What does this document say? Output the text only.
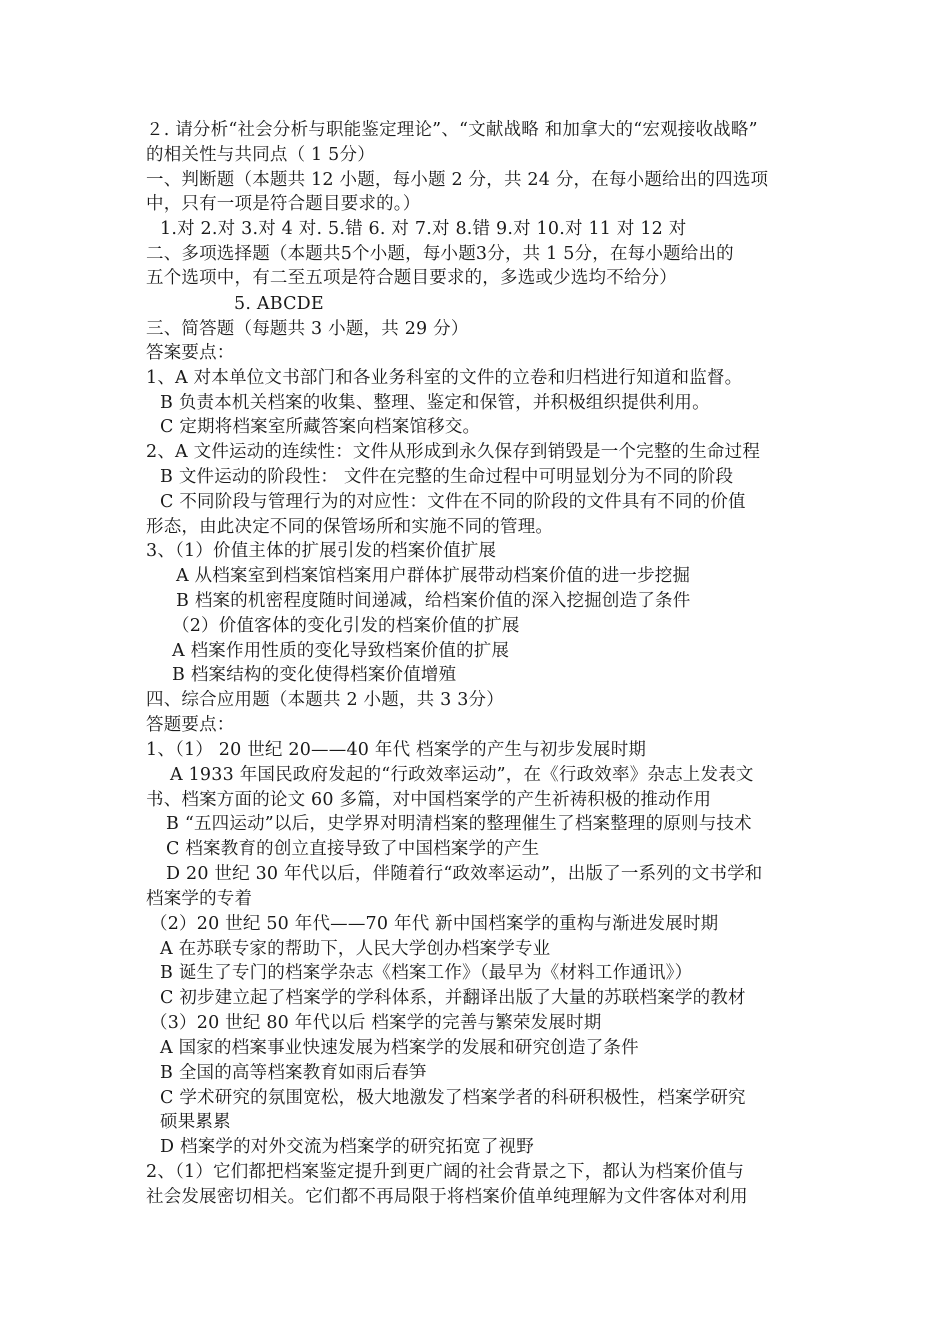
２. 请分析“社会分析与职能鉴定理论”、“文献战略 和加拿大的“宏观接收战略”
的相关性与共同点（ 1 5分）
一、判断题（本题共 12 小题，每小题 2 分，共 24 分，在每小题给出的四选项
中，只有一项是符合题目要求的。）
1.对 2.对 3.对 4 对. 5.错 6. 对 7.对 8.错 9.对 10.对 11 对 12 对
二、多项选择题（本题共5个小题，每小题3分，共 1 5分，在每小题给出的
五个选项中，有二至五项是符合题目要求的，多选或少选均不给分）
5. ABCDE
三、简答题（每题共 3 小题，共 29 分）
答案要点：
1、A 对本单位文书部门和各业务科室的文件的立卷和归档进行知道和监督。
B 负责本机关档案的收集、整理、鉴定和保管，并积极组织提供利用。
C 定期将档案室所藏答案向档案馆移交。
2、A 文件运动的连续性：文件从形成到永久保存到销毁是一个完整的生命过程
B 文件运动的阶段性： 文件在完整的生命过程中可明显划分为不同的阶段
C 不同阶段与管理行为的对应性：文件在不同的阶段的文件具有不同的价值
形态，由此决定不同的保管场所和实施不同的管理。
3、（1）价值主体的扩展引发的档案价值扩展
A 从档案室到档案馆档案用户群体扩展带动档案价值的进一步挖掘
B 档案的机密程度随时间递减，给档案价值的深入挖掘创造了条件
（2）价值客体的变化引发的档案价值的扩展
A 档案作用性质的变化导致档案价值的扩展
B 档案结构的变化使得档案价值增殖
四、综合应用题（本题共 2 小题，共 3 3分）
答题要点：
1、（1） 20 世纪 20——40 年代 档案学的产生与初步发展时期
A 1933 年国民政府发起的“行政效率运动”，在《行政效率》杂志上发表文
书、档案方面的论文 60 多篇，对中国档案学的产生祈祷积极的推动作用
B “五四运动”以后，史学界对明清档案的整理催生了档案整理的原则与技术
C 档案教育的创立直接导致了中国档案学的产生
D 20 世纪 30 年代以后，伴随着行“政效率运动”，出版了一系列的文书学和
档案学的专着
（2）20 世纪 50 年代——70 年代 新中国档案学的重构与渐进发展时期
A 在苏联专家的帮助下，人民大学创办档案学专业
B 诞生了专门的档案学杂志《档案工作》（最早为《材料工作通讯》）
C 初步建立起了档案学的学科体系，并翻译出版了大量的苏联档案学的教材
（3）20 世纪 80 年代以后 档案学的完善与繁荣发展时期
A 国家的档案事业快速发展为档案学的发展和研究创造了条件
B 全国的高等档案教育如雨后春笋
C 学术研究的氛围宽松，极大地激发了档案学者的科研积极性，档案学研究
硕果累累
D 档案学的对外交流为档案学的研究拓宽了视野
2、（1）它们都把档案鉴定提升到更广阔的社会背景之下，都认为档案价值与
社会发展密切相关。它们都不再局限于将档案价值单纯理解为文件客体对利用
